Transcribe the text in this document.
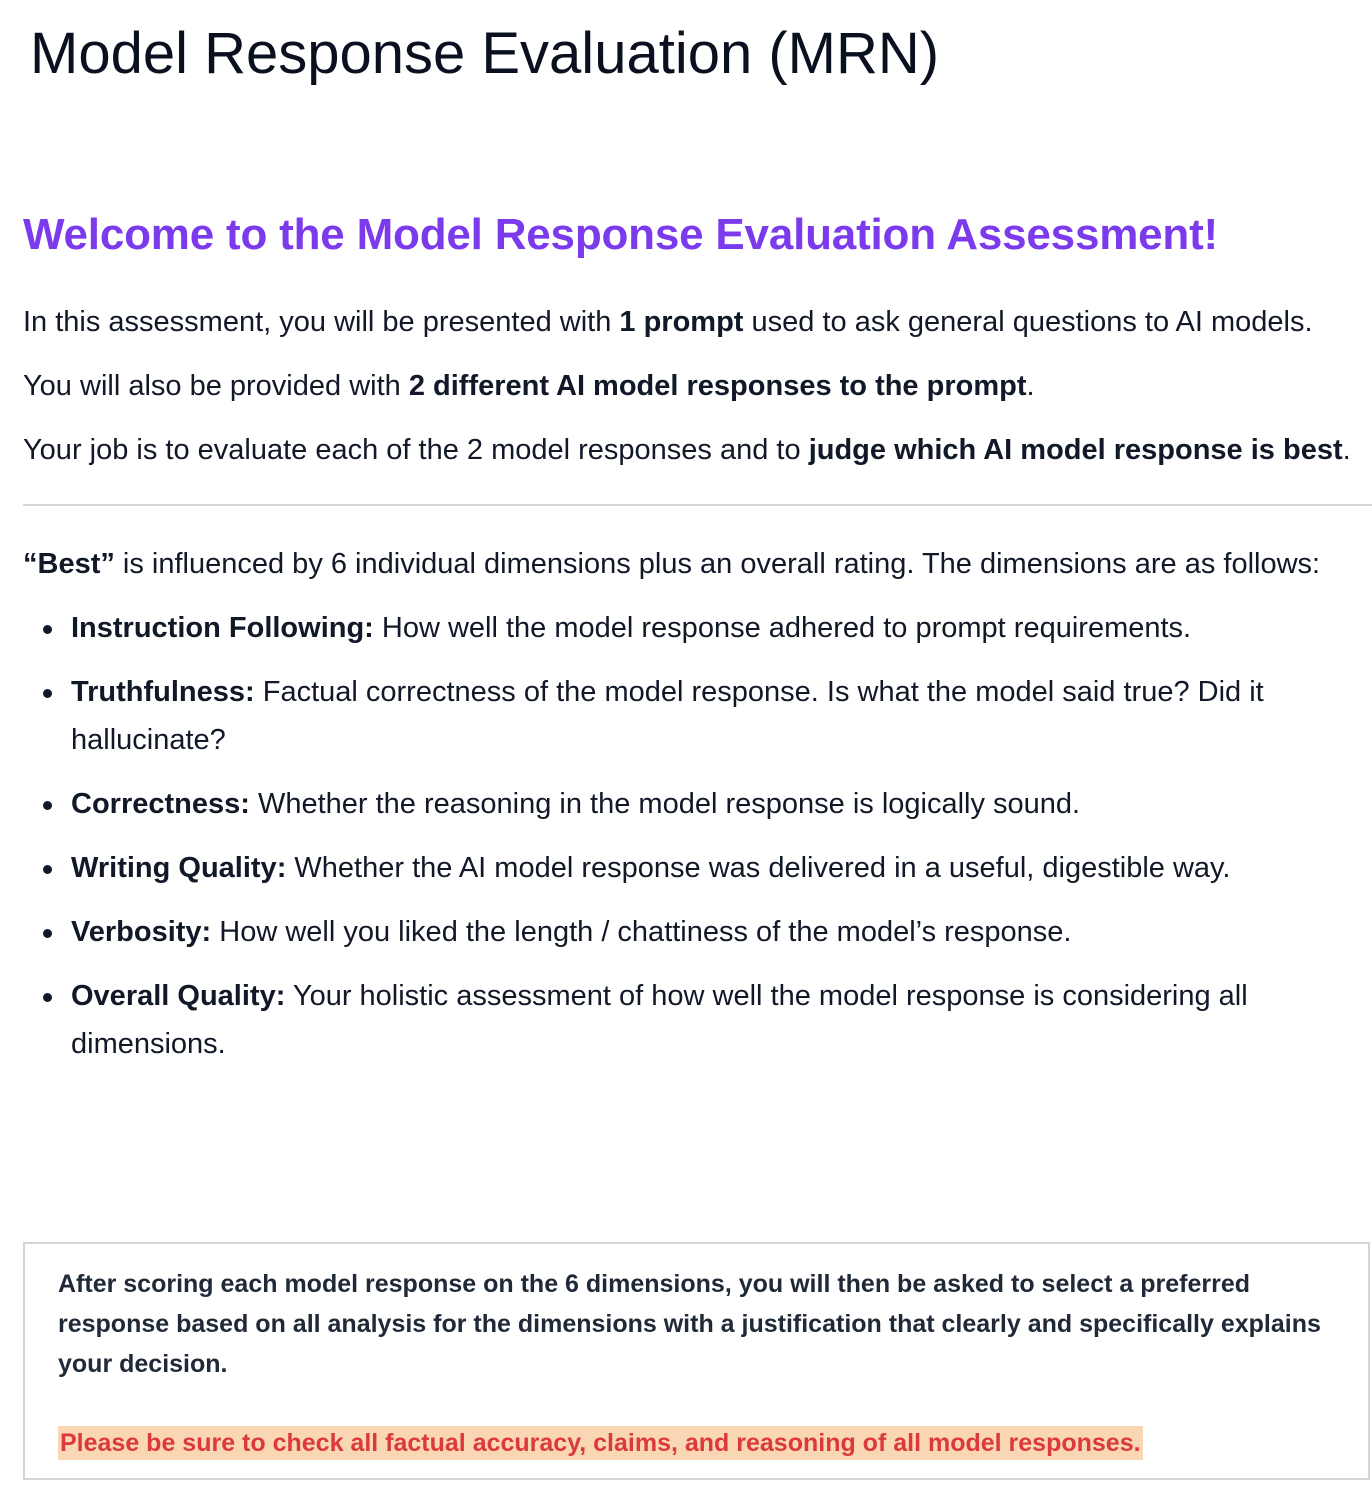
Model Response Evaluation (MRN)
Welcome to the Model Response Evaluation Assessment!

In this assessment, you will be presented with 1 prompt used to ask general questions to AI models.

You will also be provided with 2 different AI model responses to the prompt.

Your job is to evaluate each of the 2 model responses and to judge which AI model response is best.

“Best” is influenced by 6 individual dimensions plus an overall rating. The dimensions are as follows:

Instruction Following: How well the model response adhered to prompt requirements.
Truthfulness: Factual correctness of the model response. Is what the model said true? Did it hallucinate?
Correctness: Whether the reasoning in the model response is logically sound.
Writing Quality: Whether the AI model response was delivered in a useful, digestible way.
Verbosity: How well you liked the length / chattiness of the model’s response.
Overall Quality: Your holistic assessment of how well the model response is considering all dimensions.

After scoring each model response on the 6 dimensions, you will then be asked to select a preferred response based on all analysis for the dimensions with a justification that clearly and specifically explains your decision.

Please be sure to check all factual accuracy, claims, and reasoning of all model responses.
